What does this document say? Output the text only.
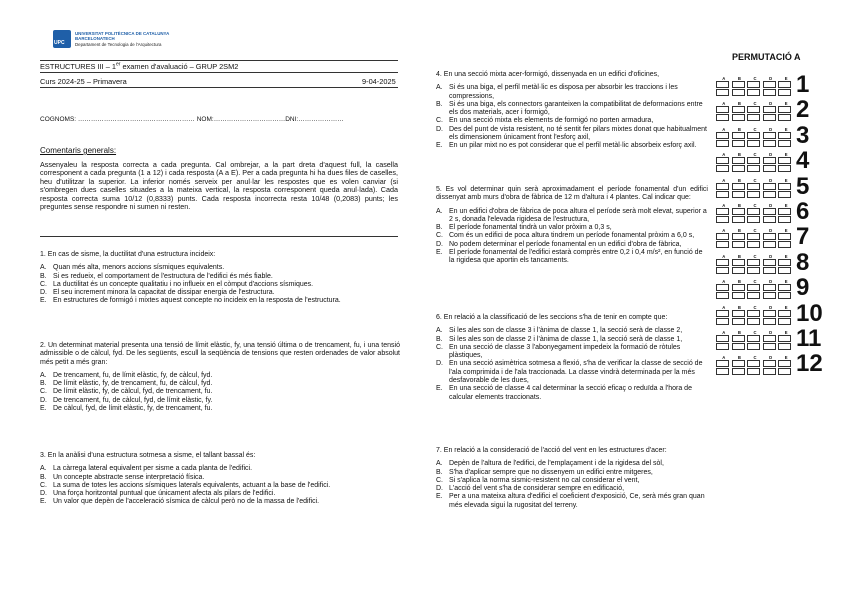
UPC
UNIVERSITAT POLITÈCNICA DE CATALUNYA
BARCELONATECH
Departament de Tecnologia de l'Arquitectura
PERMUTACIÓ A
ESTRUCTURES III – 1er examen d'avaluació – GRUP 2SM2
Curs 2024-25 – Primavera	9-04-2025
COGNOMS: ……………………………………………… NOM:……………………………DNI:…………………
Comentaris generals:
Assenyaleu la resposta correcta a cada pregunta. Cal ombrejar, a la part dreta d'aquest full, la casella corresponent a cada pregunta (1 a 12) i cada resposta (A a E). Per a cada pregunta hi ha dues files de caselles, heu d'utilitzar la superior. La inferior només serveix per anul·lar les respostes que es volen canviar (si s'ombregen dues caselles situades a la mateixa vertical, la resposta corresponent queda anul·lada). Cada resposta correcta suma 10/12 (0,8333) punts. Cada resposta incorrecta resta 10/48 (0,2083) punts; les preguntes sense respondre ni sumen ni resten.
1. En cas de sisme, la ductilitat d'una estructura incideix:
A. Quan més alta, menors accions sísmiques equivalents.
B. Si es redueix, el comportament de l'estructura de l'edifici és més fiable.
C. La ductilitat és un concepte qualitatiu i no influeix en el còmput d'accions sísmiques.
D. El seu increment minora la capacitat de dissipar energia de l'estructura.
E. En estructures de formigó i mixtes aquest concepte no incideix en la resposta de l'estructura.
2. Un determinat material presenta una tensió de límit elàstic, fy, una tensió última o de trencament, fu, i una tensió admissible o de càlcul, fyd. De les següents, escull la seqüència de tensions que resten ordenades de valor absolut més petit a més gran:
A. De trencament, fu, de límit elàstic, fy, de càlcul, fyd.
B. De límit elàstic, fy, de trencament, fu, de càlcul, fyd.
C. De límit elàstic, fy, de càlcul, fyd, de trencament, fu.
D. De trencament, fu, de càlcul, fyd, de límit elàstic, fy.
E. De càlcul, fyd, de límit elàstic, fy, de trencament, fu.
3. En la anàlisi d'una estructura sotmesa a sisme, el tallant bassal és:
A. La càrrega lateral equivalent per sisme a cada planta de l'edifici.
B. Un concepte abstracte sense interpretació física.
C. La suma de totes les accions sísmiques laterals equivalents, actuant a la base de l'edifici.
D. Una força horitzontal puntual que únicament afecta als pilars de l'edifici.
E. Un valor que depèn de l'acceleració sísmica de càlcul però no de la massa de l'edifici.
4. En una secció mixta acer-formigó, dissenyada en un edifici d'oficines,
A. Si és una biga, el perfil metàl·lic es disposa per absorbir les traccions i les compressions,
B. Si és una biga, els connectors garanteixen la compatibilitat de deformacions entre els dos materials, acer i formigó,
C. En una secció mixta els elements de formigó no porten armadura,
D. Des del punt de vista resistent, no té sentit fer pilars mixtes donat que habitualment els dimensionem únicament front l'esforç axil,
E. En un pilar mixt no es pot considerar que el perfil metàl·lic absorbeix esforç axil.
5. Es vol determinar quin serà aproximadament el període fonamental d'un edifici dissenyat amb murs d'obra de fàbrica de 12 m d'altura i 4 plantes. Cal indicar que:
A. En un edifici d'obra de fàbrica de poca altura el període serà molt elevat, superior a 2 s, donada l'elevada rigidesa de l'estructura,
B. El període fonamental tindrà un valor pròxim a 0,3 s,
C. Com és un edifici de poca altura tindrem un període fonamental pròxim a 6,0 s,
D. No podem determinar el període fonamental en un edifici d'obra de fàbrica,
E. El període fonamental de l'edifici estarà comprès entre 0,2 i 0,4 m/s², en funció de la rigidesa que aportin els tancaments.
6. En relació a la classificació de les seccions s'ha de tenir en compte que:
A. Si les ales son de classe 3 i l'ànima de classe 1, la secció serà de classe 2,
B. Si les ales son de classe 2 i l'ànima de classe 1, la secció serà de classe 1,
C. En una secció de classe 3 l'abonyegament impedeix la formació de ròtules plàstiques,
D. En una secció asimètrica sotmesa a flexió, s'ha de verificar la classe de secció de l'ala comprimida i de l'ala traccionada. La classe vindrà determinada per la més desfavorable de les dues,
E. En una secció de classe 4 cal determinar la secció eficaç o reduïda a l'hora de calcular elements traccionats.
7. En relació a la consideració de l'acció del vent en les estructures d'acer:
A. Depèn de l'altura de l'edifici, de l'emplaçament i de la rigidesa del sòl,
B. S'ha d'aplicar sempre que no dissenyem un edifici entre mitgeres,
C. Si s'aplica la norma sismic-resistent no cal considerar el vent,
D. L'acció del vent s'ha de considerar sempre en edificació,
E. Per a una mateixa altura d'edifici el coeficient d'exposició, Ce, serà més gran quan més elevada sigui la rugositat del terreny.
A	B	C	D	E 1
A	B	C	D	E 2
A	B	C	D	E 3
A	B	C	D	E 4
A	B	C	D	E 5
A	B	C	D	E 6
A	B	C	D	E 7
A	B	C	D	E 8
A	B	C	D	E 9
A	B	C	D	E 10
A	B	C	D	E 11
A	B	C	D	E 12
